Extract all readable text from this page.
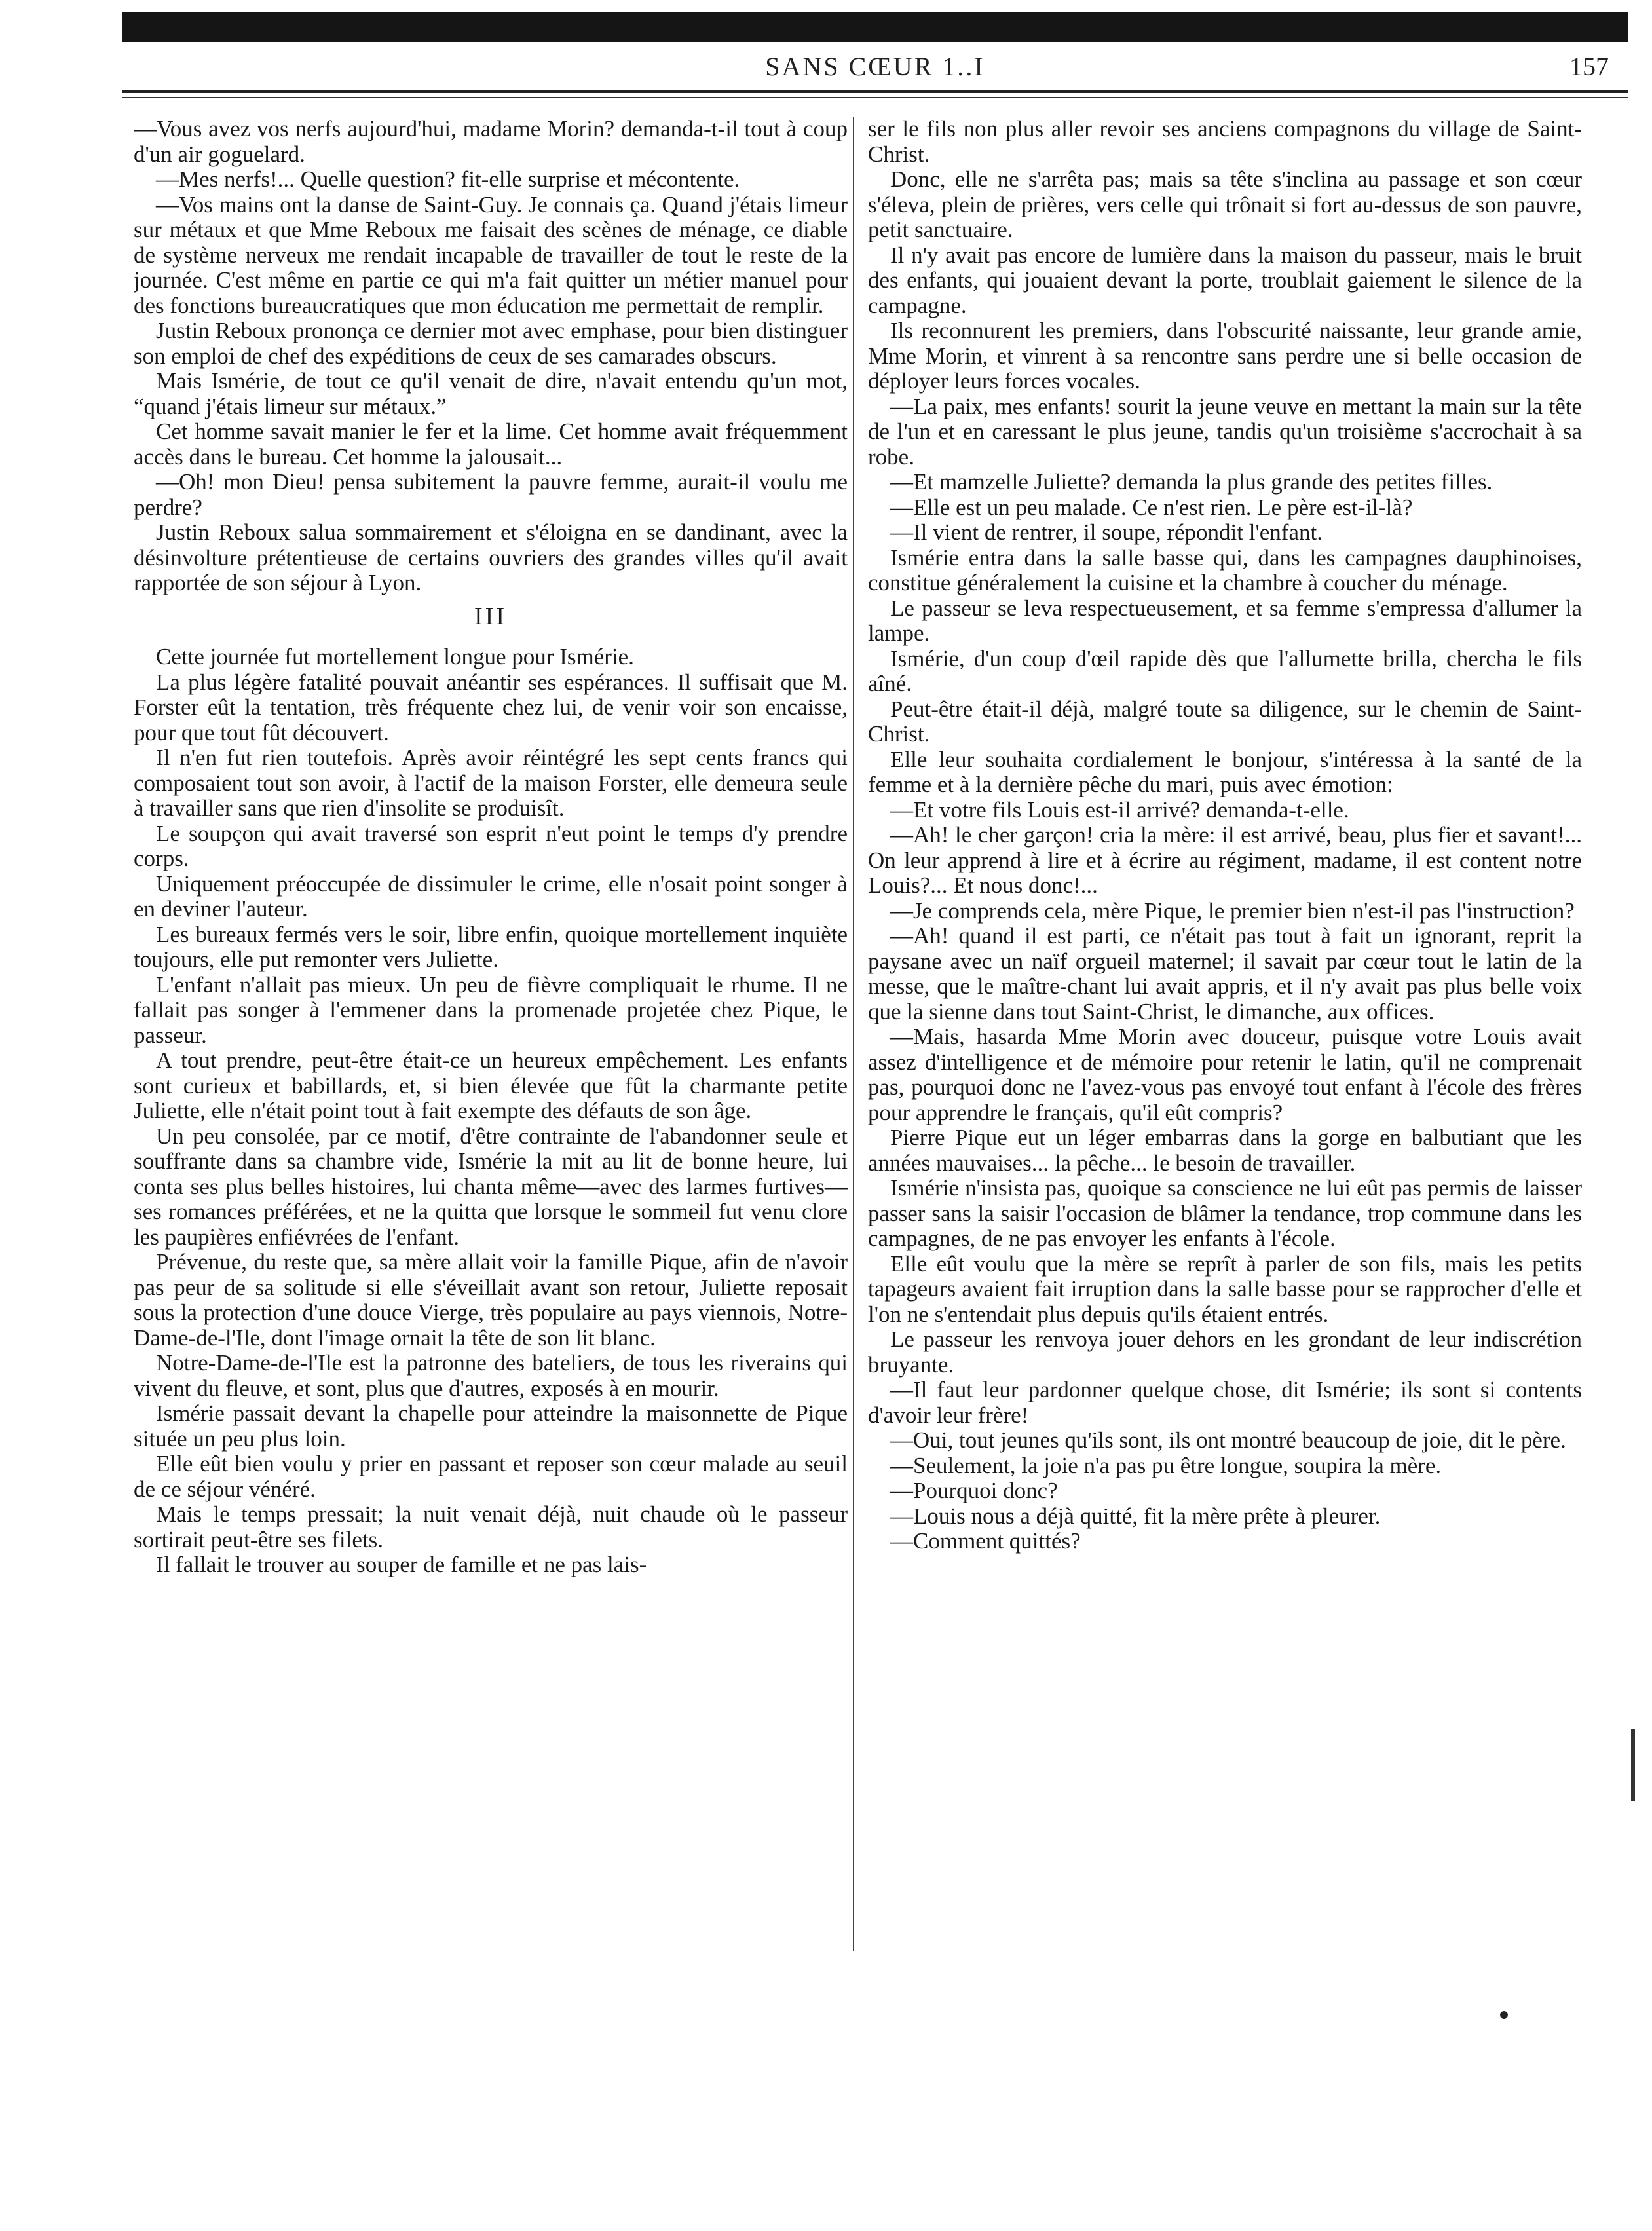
SANS CŒUR 1..I	157

—Vous avez vos nerfs aujourd'hui, madame Morin? demanda-t-il tout à coup d'un air goguelard.

—Mes nerfs!... Quelle question? fit-elle surprise et mécontente.

—Vos mains ont la danse de Saint-Guy. Je connais ça. Quand j'étais limeur sur métaux et que Mme Reboux me faisait des scènes de ménage, ce diable de système nerveux me rendait incapable de travailler de tout le reste de la journée. C'est même en partie ce qui m'a fait quitter un métier manuel pour des fonctions bureaucratiques que mon éducation me permettait de remplir.

Justin Reboux prononça ce dernier mot avec emphase, pour bien distinguer son emploi de chef des expéditions de ceux de ses camarades obscurs.

Mais Ismérie, de tout ce qu'il venait de dire, n'avait entendu qu'un mot, “quand j'étais limeur sur métaux.”

Cet homme savait manier le fer et la lime. Cet homme avait fréquemment accès dans le bureau. Cet homme la jalousait...

—Oh! mon Dieu! pensa subitement la pauvre femme, aurait-il voulu me perdre?

Justin Reboux salua sommairement et s'éloigna en se dandinant, avec la désinvolture prétentieuse de certains ouvriers des grandes villes qu'il avait rapportée de son séjour à Lyon.

III

Cette journée fut mortellement longue pour Ismérie.

La plus légère fatalité pouvait anéantir ses espérances. Il suffisait que M. Forster eût la tentation, très fréquente chez lui, de venir voir son encaisse, pour que tout fût découvert.

Il n'en fut rien toutefois. Après avoir réintégré les sept cents francs qui composaient tout son avoir, à l'actif de la maison Forster, elle demeura seule à travailler sans que rien d'insolite se produisît.

Le soupçon qui avait traversé son esprit n'eut point le temps d'y prendre corps.

Uniquement préoccupée de dissimuler le crime, elle n'osait point songer à en deviner l'auteur.

Les bureaux fermés vers le soir, libre enfin, quoique mortellement inquiète toujours, elle put remonter vers Juliette.

L'enfant n'allait pas mieux. Un peu de fièvre compliquait le rhume. Il ne fallait pas songer à l'emmener dans la promenade projetée chez Pique, le passeur.

A tout prendre, peut-être était-ce un heureux empêchement. Les enfants sont curieux et babillards, et, si bien élevée que fût la charmante petite Juliette, elle n'était point tout à fait exempte des défauts de son âge.

Un peu consolée, par ce motif, d'être contrainte de l'abandonner seule et souffrante dans sa chambre vide, Ismérie la mit au lit de bonne heure, lui conta ses plus belles histoires, lui chanta même—avec des larmes furtives—ses romances préférées, et ne la quitta que lorsque le sommeil fut venu clore les paupières enfiévrées de l'enfant.

Prévenue, du reste que, sa mère allait voir la famille Pique, afin de n'avoir pas peur de sa solitude si elle s'éveillait avant son retour, Juliette reposait sous la protection d'une douce Vierge, très populaire au pays viennois, Notre-Dame-de-l'Ile, dont l'image ornait la tête de son lit blanc.

Notre-Dame-de-l'Ile est la patronne des bateliers, de tous les riverains qui vivent du fleuve, et sont, plus que d'autres, exposés à en mourir.

Ismérie passait devant la chapelle pour atteindre la maisonnette de Pique située un peu plus loin.

Elle eût bien voulu y prier en passant et reposer son cœur malade au seuil de ce séjour vénéré.

Mais le temps pressait; la nuit venait déjà, nuit chaude où le passeur sortirait peut-être ses filets.

Il fallait le trouver au souper de famille et ne pas lais-

ser le fils non plus aller revoir ses anciens compagnons du village de Saint-Christ.

Donc, elle ne s'arrêta pas; mais sa tête s'inclina au passage et son cœur s'éleva, plein de prières, vers celle qui trônait si fort au-dessus de son pauvre, petit sanctuaire.

Il n'y avait pas encore de lumière dans la maison du passeur, mais le bruit des enfants, qui jouaient devant la porte, troublait gaiement le silence de la campagne.

Ils reconnurent les premiers, dans l'obscurité naissante, leur grande amie, Mme Morin, et vinrent à sa rencontre sans perdre une si belle occasion de déployer leurs forces vocales.

—La paix, mes enfants! sourit la jeune veuve en mettant la main sur la tête de l'un et en caressant le plus jeune, tandis qu'un troisième s'accrochait à sa robe.

—Et mamzelle Juliette? demanda la plus grande des petites filles.

—Elle est un peu malade. Ce n'est rien. Le père est-il-là?

—Il vient de rentrer, il soupe, répondit l'enfant.

Ismérie entra dans la salle basse qui, dans les campagnes dauphinoises, constitue généralement la cuisine et la chambre à coucher du ménage.

Le passeur se leva respectueusement, et sa femme s'empressa d'allumer la lampe.

Ismérie, d'un coup d'œil rapide dès que l'allumette brilla, chercha le fils aîné.

Peut-être était-il déjà, malgré toute sa diligence, sur le chemin de Saint-Christ.

Elle leur souhaita cordialement le bonjour, s'intéressa à la santé de la femme et à la dernière pêche du mari, puis avec émotion:

—Et votre fils Louis est-il arrivé? demanda-t-elle.

—Ah! le cher garçon! cria la mère: il est arrivé, beau, plus fier et savant!... On leur apprend à lire et à écrire au régiment, madame, il est content notre Louis?... Et nous donc!...

—Je comprends cela, mère Pique, le premier bien n'est-il pas l'instruction?

—Ah! quand il est parti, ce n'était pas tout à fait un ignorant, reprit la paysane avec un naïf orgueil maternel; il savait par cœur tout le latin de la messe, que le maître-chant lui avait appris, et il n'y avait pas plus belle voix que la sienne dans tout Saint-Christ, le dimanche, aux offices.

—Mais, hasarda Mme Morin avec douceur, puisque votre Louis avait assez d'intelligence et de mémoire pour retenir le latin, qu'il ne comprenait pas, pourquoi donc ne l'avez-vous pas envoyé tout enfant à l'école des frères pour apprendre le français, qu'il eût compris?

Pierre Pique eut un léger embarras dans la gorge en balbutiant que les années mauvaises... la pêche... le besoin de travailler.

Ismérie n'insista pas, quoique sa conscience ne lui eût pas permis de laisser passer sans la saisir l'occasion de blâmer la tendance, trop commune dans les campagnes, de ne pas envoyer les enfants à l'école.

Elle eût voulu que la mère se reprît à parler de son fils, mais les petits tapageurs avaient fait irruption dans la salle basse pour se rapprocher d'elle et l'on ne s'entendait plus depuis qu'ils étaient entrés.

Le passeur les renvoya jouer dehors en les grondant de leur indiscrétion bruyante.

—Il faut leur pardonner quelque chose, dit Ismérie; ils sont si contents d'avoir leur frère!

—Oui, tout jeunes qu'ils sont, ils ont montré beaucoup de joie, dit le père.

—Seulement, la joie n'a pas pu être longue, soupira la mère.

—Pourquoi donc?

—Louis nous a déjà quitté, fit la mère prête à pleurer.

—Comment quittés?
